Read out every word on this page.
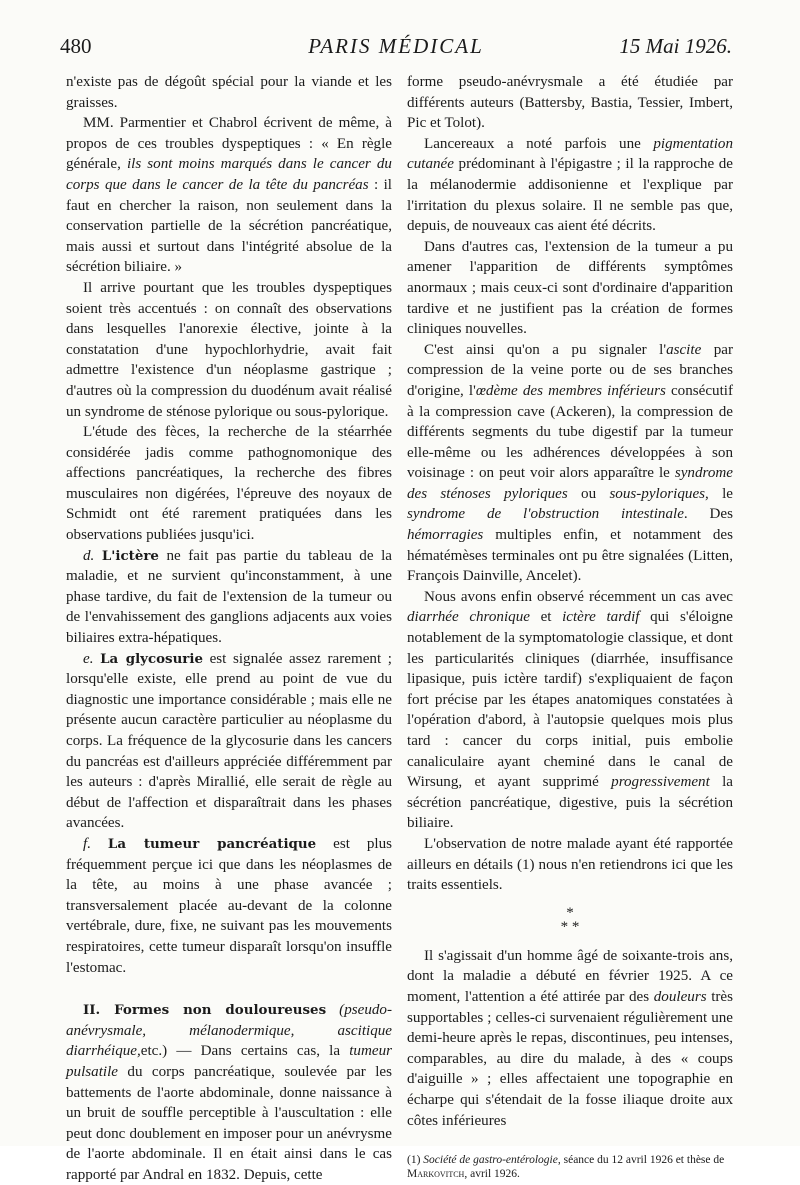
480	PARIS MÉDICAL	15 Mai 1926.

n'existe pas de dégoût spécial pour la viande et les graisses.

MM. Parmentier et Chabrol écrivent de même, à propos de ces troubles dyspeptiques : « En règle générale, ils sont moins marqués dans le cancer du corps que dans le cancer de la tête du pancréas : il faut en chercher la raison, non seulement dans la conservation partielle de la sécrétion pancréatique, mais aussi et surtout dans l'intégrité absolue de la sécrétion biliaire. »

Il arrive pourtant que les troubles dyspeptiques soient très accentués : on connaît des observations dans lesquelles l'anorexie élective, jointe à la constatation d'une hypochlorhydrie, avait fait admettre l'existence d'un néoplasme gastrique ; d'autres où la compression du duodénum avait réalisé un syndrome de sténose pylorique ou sous-pylorique.

L'étude des fèces, la recherche de la stéarrhée considérée jadis comme pathognomonique des affections pancréatiques, la recherche des fibres musculaires non digérées, l'épreuve des noyaux de Schmidt ont été rarement pratiquées dans les observations publiées jusqu'ici.

d. L'ictère ne fait pas partie du tableau de la maladie, et ne survient qu'inconstamment, à une phase tardive, du fait de l'extension de la tumeur ou de l'envahissement des ganglions adjacents aux voies biliaires extra-hépatiques.

e. La glycosurie est signalée assez rarement ; lorsqu'elle existe, elle prend au point de vue du diagnostic une importance considérable ; mais elle ne présente aucun caractère particulier au néoplasme du corps. La fréquence de la glycosurie dans les cancers du pancréas est d'ailleurs appréciée différemment par les auteurs : d'après Mirallié, elle serait de règle au début de l'affection et disparaîtrait dans les phases avancées.

f. La tumeur pancréatique est plus fréquemment perçue ici que dans les néoplasmes de la tête, au moins à une phase avancée ; transversalement placée au-devant de la colonne vertébrale, dure, fixe, ne suivant pas les mouvements respiratoires, cette tumeur disparaît lorsqu'on insuffle l'estomac.

II. Formes non douloureuses (pseudo-anévrysmale, mélanodermique, ascitique diarrhéique,etc.) — Dans certains cas, la tumeur pulsatile du corps pancréatique, soulevée par les battements de l'aorte abdominale, donne naissance à un bruit de souffle perceptible à l'auscultation : elle peut donc doublement en imposer pour un anévrysme de l'aorte abdominale. Il en était ainsi dans le cas rapporté par Andral en 1832. Depuis, cette

forme pseudo-anévrysmale a été étudiée par différents auteurs (Battersby, Bastia, Tessier, Imbert, Pic et Tolot).

Lancereaux a noté parfois une pigmentation cutanée prédominant à l'épigastre ; il la rapproche de la mélanodermie addisonienne et l'explique par l'irritation du plexus solaire. Il ne semble pas que, depuis, de nouveaux cas aient été décrits.

Dans d'autres cas, l'extension de la tumeur a pu amener l'apparition de différents symptômes anormaux ; mais ceux-ci sont d'ordinaire d'apparition tardive et ne justifient pas la création de formes cliniques nouvelles.

C'est ainsi qu'on a pu signaler l'ascite par compression de la veine porte ou de ses branches d'origine, l'œdème des membres inférieurs consécutif à la compression cave (Ackeren), la compression de différents segments du tube digestif par la tumeur elle-même ou les adhérences développées à son voisinage : on peut voir alors apparaître le syndrome des sténoses pyloriques ou sous-pyloriques, le syndrome de l'obstruction intestinale. Des hémorragies multiples enfin, et notamment des hématémèses terminales ont pu être signalées (Litten, François Dainville, Ancelet).

Nous avons enfin observé récemment un cas avec diarrhée chronique et ictère tardif qui s'éloigne notablement de la symptomatologie classique, et dont les particularités cliniques (diarrhée, insuffisance lipasique, puis ictère tardif) s'expliquaient de façon fort précise par les étapes anatomiques constatées à l'opération d'abord, à l'autopsie quelques mois plus tard : cancer du corps initial, puis embolie canaliculaire ayant cheminé dans le canal de Wirsung, et ayant supprimé progressivement la sécrétion pancréatique, digestive, puis la sécrétion biliaire.

L'observation de notre malade ayant été rapportée ailleurs en détails (1) nous n'en retiendrons ici que les traits essentiels.

*
* *

Il s'agissait d'un homme âgé de soixante-trois ans, dont la maladie a débuté en février 1925. A ce moment, l'attention a été attirée par des douleurs très supportables ; celles-ci survenaient régulièrement une demi-heure après le repas, discontinues, peu intenses, comparables, au dire du malade, à des « coups d'aiguille » ; elles affectaient une topographie en écharpe qui s'étendait de la fosse iliaque droite aux côtes inférieures

(1) Société de gastro-entérologie, séance du 12 avril 1926 et thèse de Markovitch, avril 1926.
